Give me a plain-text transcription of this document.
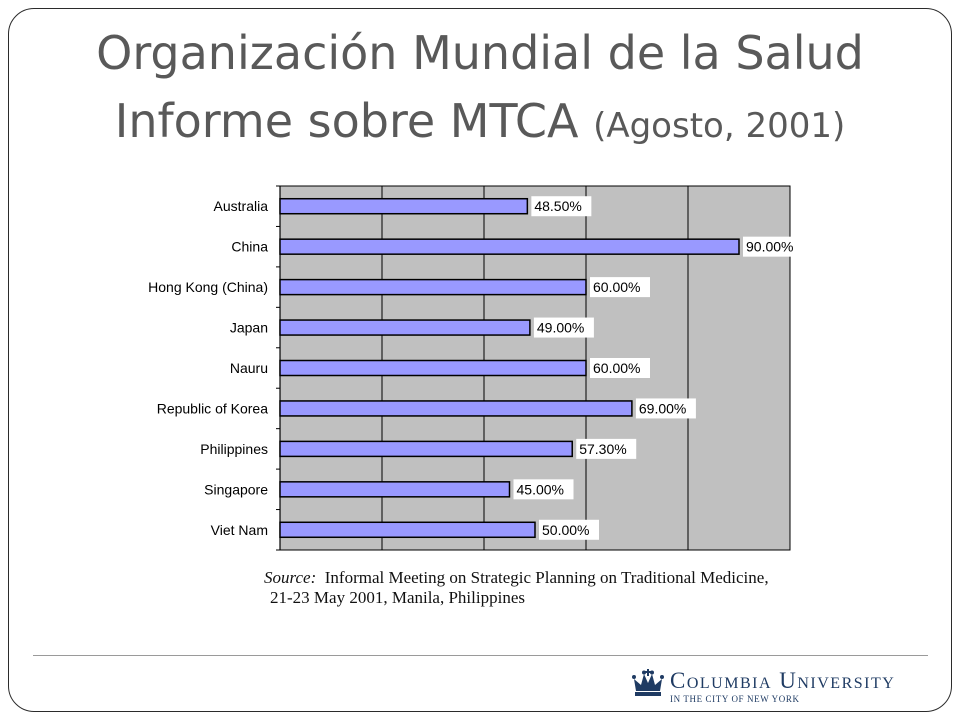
Organización Mundial de la Salud
Informe sobre MTCA (Agosto, 2001)
Australia	48.50%
China	90.00%
Hong Kong (China)	60.00%
Japan	49.00%
Nauru	60.00%
Republic of Korea	69.00%
Philippines	57.30%
Singapore	45.00%
Viet Nam	50.00%
Source: Informal Meeting on Strategic Planning on Traditional Medicine,
21-23 May 2001, Manila, Philippines
Columbia University
IN THE CITY OF NEW YORK
